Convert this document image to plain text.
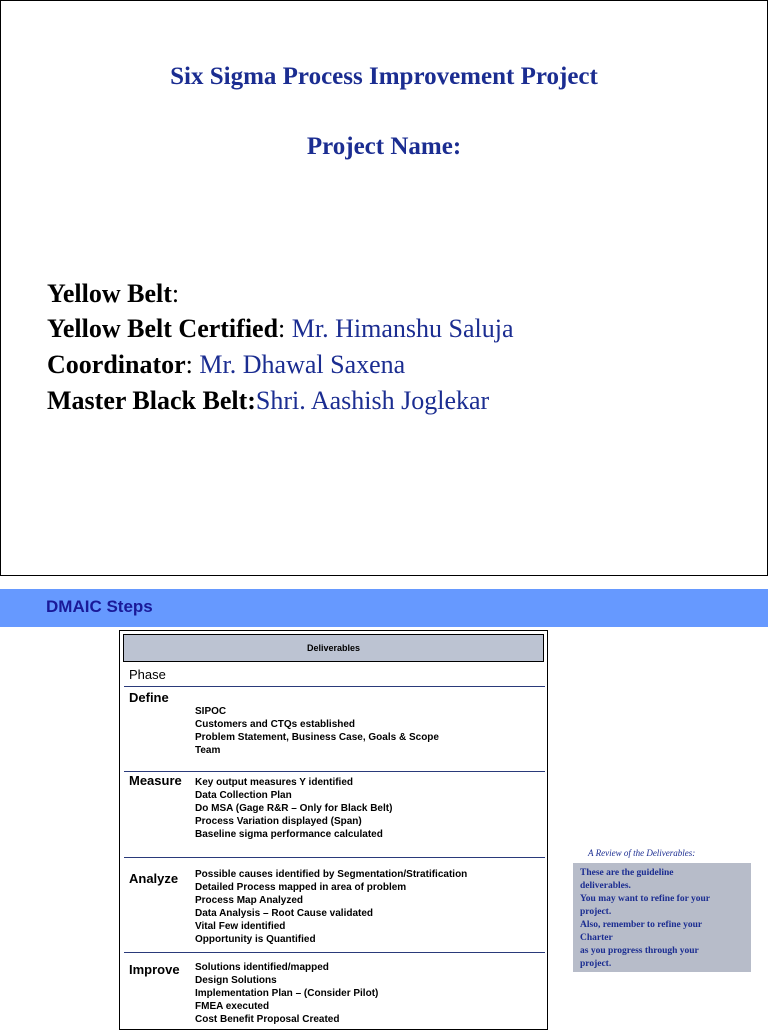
Six Sigma Process Improvement Project
Project Name:
Yellow Belt:
Yellow Belt Certified: Mr. Himanshu Saluja
Coordinator: Mr. Dhawal Saxena
Master Black Belt:Shri. Aashish Joglekar
DMAIC Steps
Deliverables
Phase
Define
SIPOC
Customers and CTQs established
Problem Statement, Business Case, Goals & Scope
Team
Measure Key output measures Y identified
Data Collection Plan
Do MSA (Gage R&R – Only for Black Belt)
Process Variation displayed (Span)
Baseline sigma performance calculated
Analyze Possible causes identified by Segmentation/Stratification
Detailed Process mapped in area of problem
Process Map Analyzed
Data Analysis – Root Cause validated
Vital Few identified
Opportunity is Quantified
Improve Solutions identified/mapped
Design Solutions
Implementation Plan – (Consider Pilot)
FMEA executed
Cost Benefit Proposal Created
A Review of the Deliverables:
These are the guideline
deliverables.
You may want to refine for your
project.
Also, remember to refine your
Charter
as you progress through your
project.
